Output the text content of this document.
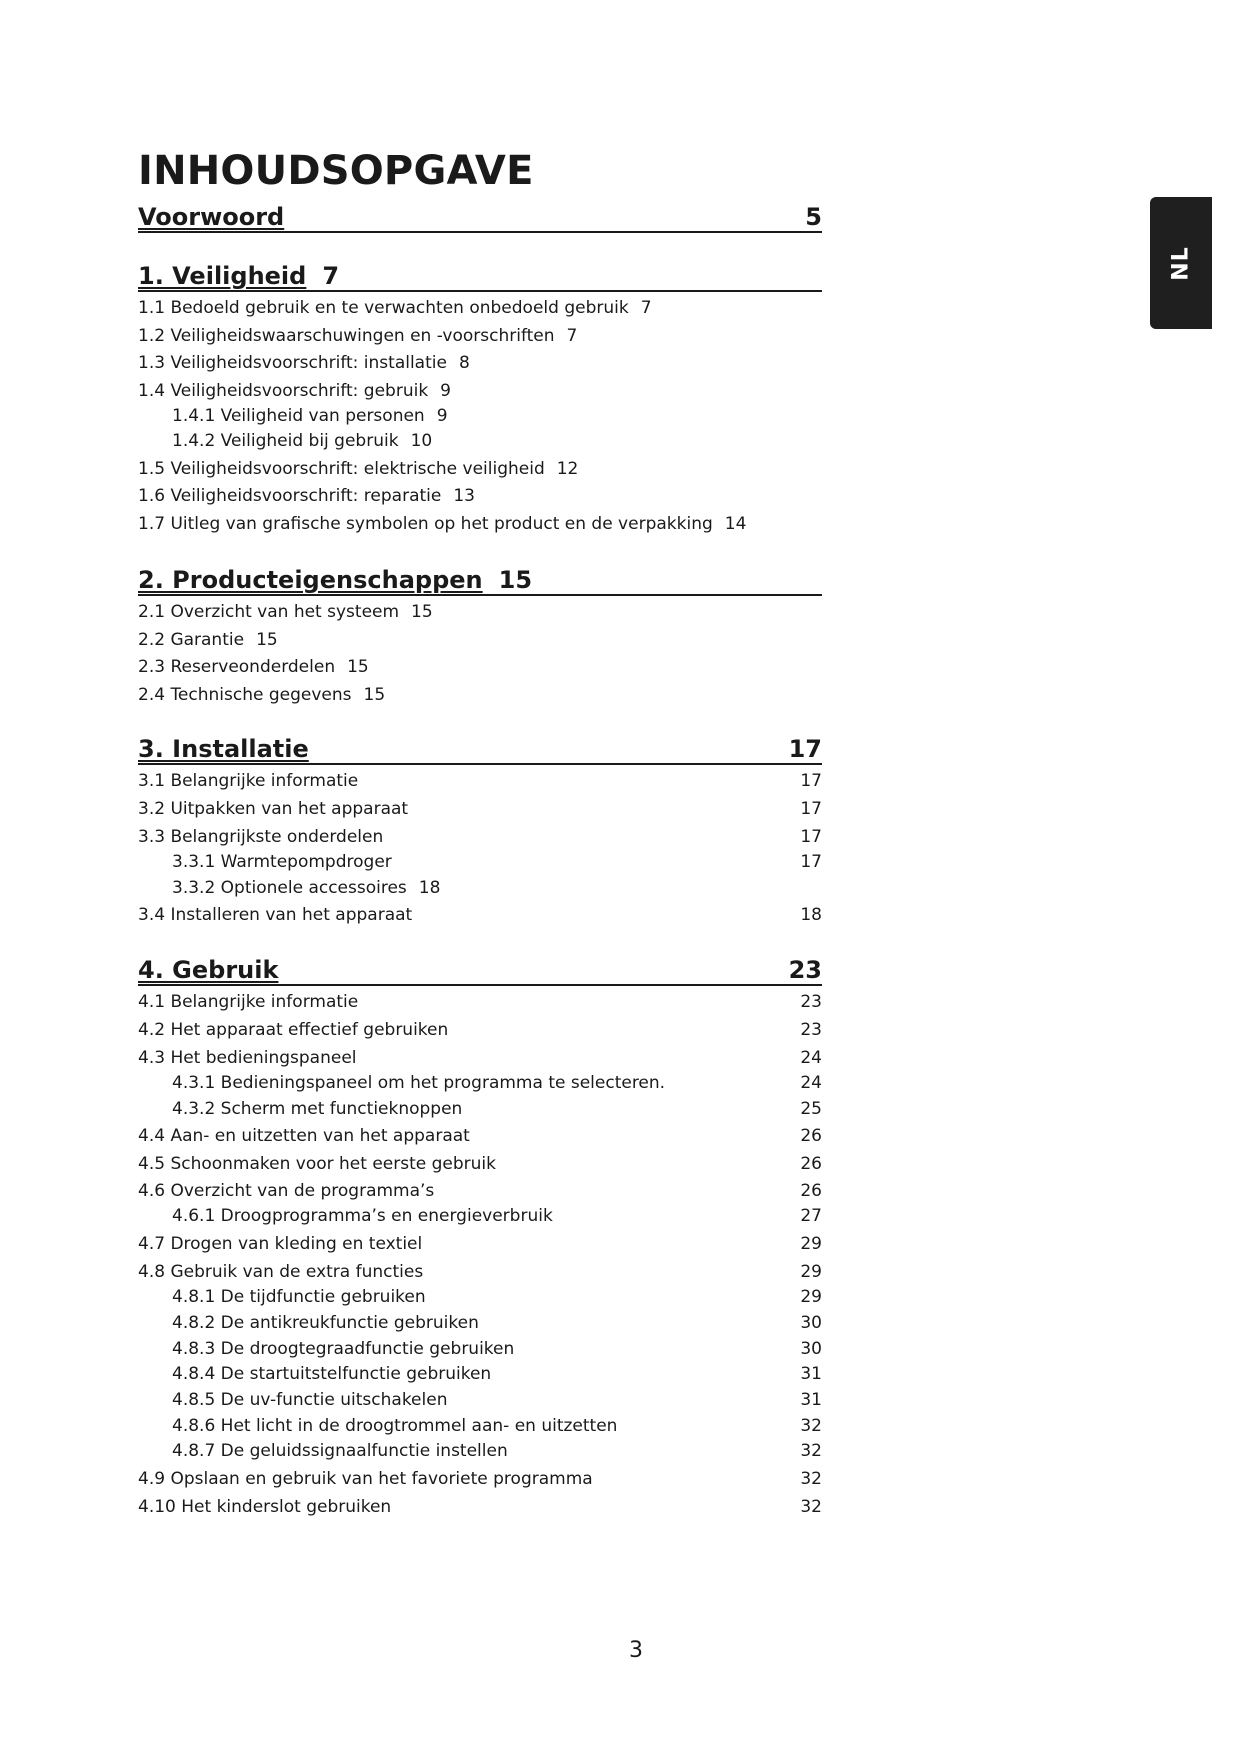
INHOUDSOPGAVE
NL
Voorwoord	5
1. Veiligheid 7
1.1 Bedoeld gebruik en te verwachten onbedoeld gebruik 7
1.2 Veiligheidswaarschuwingen en -voorschriften 7
1.3 Veiligheidsvoorschrift: installatie 8
1.4 Veiligheidsvoorschrift: gebruik 9
1.4.1 Veiligheid van personen 9
1.4.2 Veiligheid bij gebruik 10
1.5 Veiligheidsvoorschrift: elektrische veiligheid 12
1.6 Veiligheidsvoorschrift: reparatie 13
1.7 Uitleg van grafische symbolen op het product en de verpakking 14
2. Producteigenschappen 15
2.1 Overzicht van het systeem 15
2.2 Garantie 15
2.3 Reserveonderdelen 15
2.4 Technische gegevens 15
3. Installatie	17
3.1 Belangrijke informatie	17
3.2 Uitpakken van het apparaat	17
3.3 Belangrijkste onderdelen	17
3.3.1 Warmtepompdroger	17
3.3.2 Optionele accessoires 18
3.4 Installeren van het apparaat	18
4. Gebruik	23
4.1 Belangrijke informatie	23
4.2 Het apparaat effectief gebruiken	23
4.3 Het bedieningspaneel	24
4.3.1 Bedieningspaneel om het programma te selecteren.	24
4.3.2 Scherm met functieknoppen	25
4.4 Aan- en uitzetten van het apparaat	26
4.5 Schoonmaken voor het eerste gebruik	26
4.6 Overzicht van de programma’s	26
4.6.1 Droogprogramma’s en energieverbruik	27
4.7 Drogen van kleding en textiel	29
4.8 Gebruik van de extra functies	29
4.8.1 De tijdfunctie gebruiken	29
4.8.2 De antikreukfunctie gebruiken	30
4.8.3 De droogtegraadfunctie gebruiken	30
4.8.4 De startuitstelfunctie gebruiken	31
4.8.5 De uv-functie uitschakelen	31
4.8.6 Het licht in de droogtrommel aan- en uitzetten	32
4.8.7 De geluidssignaalfunctie instellen	32
4.9 Opslaan en gebruik van het favoriete programma	32
4.10 Het kinderslot gebruiken	32
3
